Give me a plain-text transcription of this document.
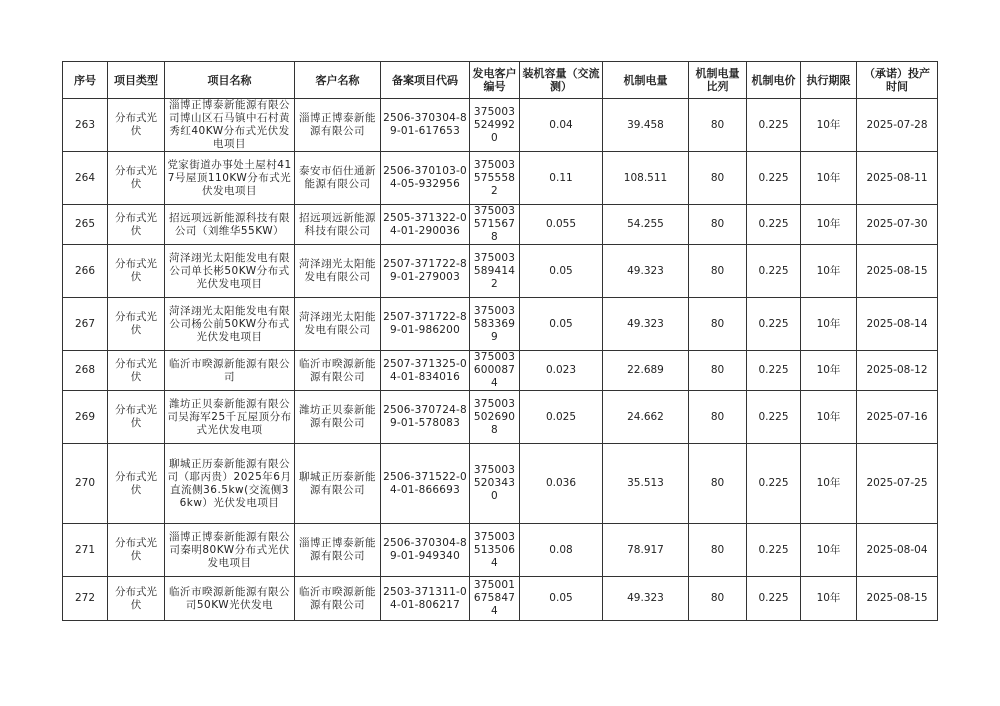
序号	项目类型	项目名称	客户名称	备案项目代码	发电客户编号	装机容量（交流测）	机制电量	机制电量比列	机制电价	执行期限	（承诺）投产时间
263	分布式光伏	淄博正博泰新能源有限公司博山区石马镇中石村黄秀红40KW分布式光伏发电项目	淄博正博泰新能源有限公司	2506-370304-89-01-617653	3750035249920	0.04	39.458	80	0.225	10年	2025-07-28
264	分布式光伏	党家街道办事处土屋村417号屋顶110KW分布式光伏发电项目	泰安市佰仕通新能源有限公司	2506-370103-04-05-932956	3750035755582	0.11	108.511	80	0.225	10年	2025-08-11
265	分布式光伏	招远项远新能源科技有限公司（刘维华55KW）	招远项远新能源科技有限公司	2505-371322-04-01-290036	3750035715678	0.055	54.255	80	0.225	10年	2025-07-30
266	分布式光伏	菏泽翊光太阳能发电有限公司单长彬50KW分布式光伏发电项目	菏泽翊光太阳能发电有限公司	2507-371722-89-01-279003	3750035894142	0.05	49.323	80	0.225	10年	2025-08-15
267	分布式光伏	菏泽翊光太阳能发电有限公司杨公前50KW分布式光伏发电项目	菏泽翊光太阳能发电有限公司	2507-371722-89-01-986200	3750035833699	0.05	49.323	80	0.225	10年	2025-08-14
268	分布式光伏	临沂市暌源新能源有限公司	临沂市暌源新能源有限公司	2507-371325-04-01-834016	3750036000874	0.023	22.689	80	0.225	10年	2025-08-12
269	分布式光伏	潍坊正贝泰新能源有限公司吴海军25千瓦屋顶分布式光伏发电项	潍坊正贝泰新能源有限公司	2506-370724-89-01-578083	3750035026908	0.025	24.662	80	0.225	10年	2025-07-16
270	分布式光伏	聊城正历泰新能源有限公司（耶丙贵）2025年6月直流侧36.5kw(交流侧36kw）光伏发电项目	聊城正历泰新能源有限公司	2506-371522-04-01-866693	3750035203430	0.036	35.513	80	0.225	10年	2025-07-25
271	分布式光伏	淄博正博泰新能源有限公司秦明80KW分布式光伏发电项目	淄博正博泰新能源有限公司	2506-370304-89-01-949340	3750035135064	0.08	78.917	80	0.225	10年	2025-08-04
272	分布式光伏	临沂市暌源新能源有限公司50KW光伏发电	临沂市暌源新能源有限公司	2503-371311-04-01-806217	3750016758474	0.05	49.323	80	0.225	10年	2025-08-15
